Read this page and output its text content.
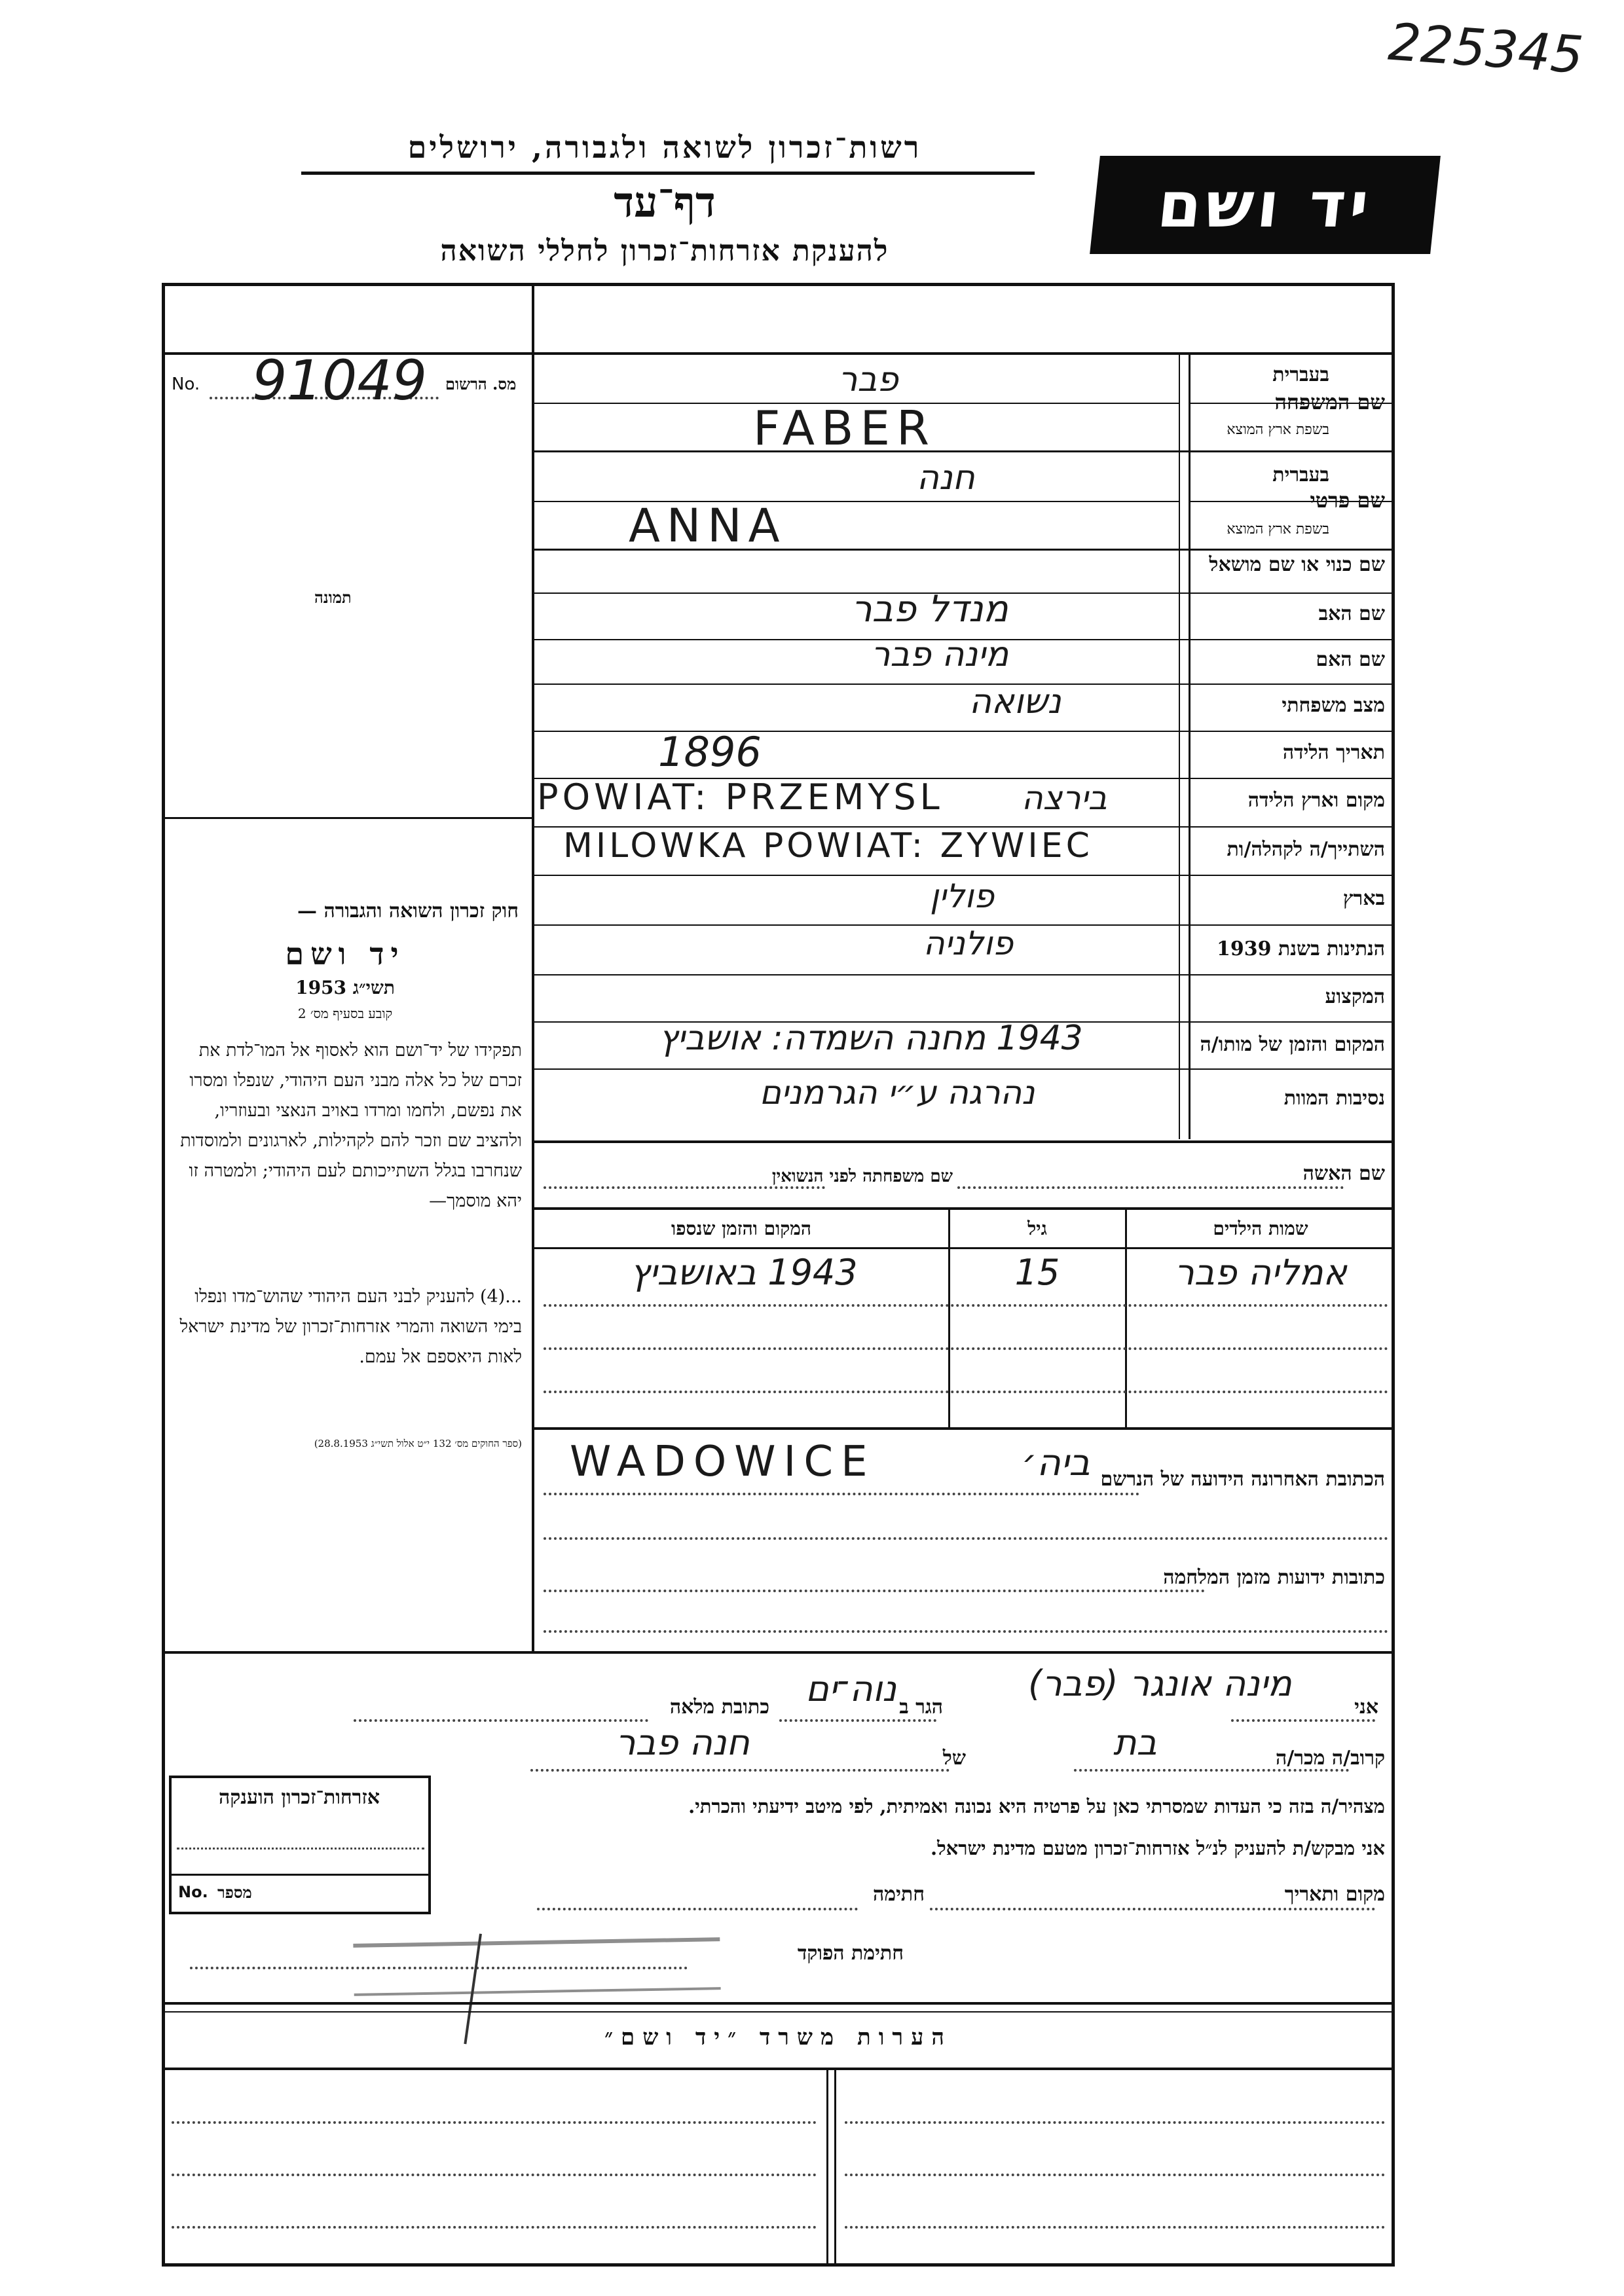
225345
רשות־זכרון לשואה ולגבורה, ירושלים
דף־עד
להענקת אזרחות־זכרון לחללי השואה
יד ושם
מס. הרשום
No. 91049
תמונה
חוק זכרון השואה והגבורה —
יד ושם
תשי״ג 1953
קובע בסעיף מס׳ 2
תפקידו של יד־ושם הוא לאסוף אל המו־לדת את זכרם של כל אלה מבני העם היהודי, שנפלו ומסרו את נפשם, ולחמו ומרדו באויב הנאצי ובעוזריו, ולהציב שם וזכר להם לקהילות, לארגונים ולמוסדות שנחרבו בגלל השתייכותם לעם היהודי; ולמטרה זו יהא מוסמך—
...(4) להעניק לבני העם היהודי שהוש־מדו ונפלו בימי השואה והמרי אזרחות־זכרון של מדינת ישראל לאות היאספם אל עמם.
(ספר החוקים מס׳ 132 י״ט אלול תשי״ג 28.8.1953)
בעברית
שם המשפחה
בשפת ארץ המוצא
פבר
FABER
בעברית
שם פרטי
בשפת ארץ המוצא
חנה
ANNA
שם כנוי או שם מושאל
שם האב
מנדל פבר
שם האם
מינה פבר
מצב משפחתי
נשואה
תאריך הלידה
1896
מקום וארץ הלידה
POWIAT: PRZEMYSL בירצה
השתייך/ה לקהלה/ות
MILOWKA POWIAT: ZYWIEC
בארץ
פולין
הנתינות בשנת 1939
פולניה
המקצוע
המקום והזמן של מותו/ה
1943 מחנה השמדה: אושביץ
נסיבות המוות
נהרגה ע״י הגרמנים
שם האשה
שם משפחתה לפני הנשואין
שמות הילדים
גיל
המקום והזמן שנספו
אמליה פבר
15
1943 באושביץ
הכתובת האחרונה הידועה של הנרשם
WADOWICE	ביה׳
כתובות ידועות מזמן המלחמה
אני
מינה אונגר (פבר)
הגר ב
נוה־ים
כתובת מלאה
קרוב/ה מכר/ה
בת
של
חנה פבר
מצהיר/ה בזה כי העדות שמסרתי כאן על פרטיה היא נכונה ואמיתית, לפי מיטב ידיעתי והכרתי.
אני מבקש/ת להעניק לנ״ל אזרחות־זכרון מטעם מדינת ישראל.
מקום ותאריך
חתימה
חתימת הפוקד
אזרחות־זכרון הוענקה
No. מספר
הערות משרד ״יד ושם״
